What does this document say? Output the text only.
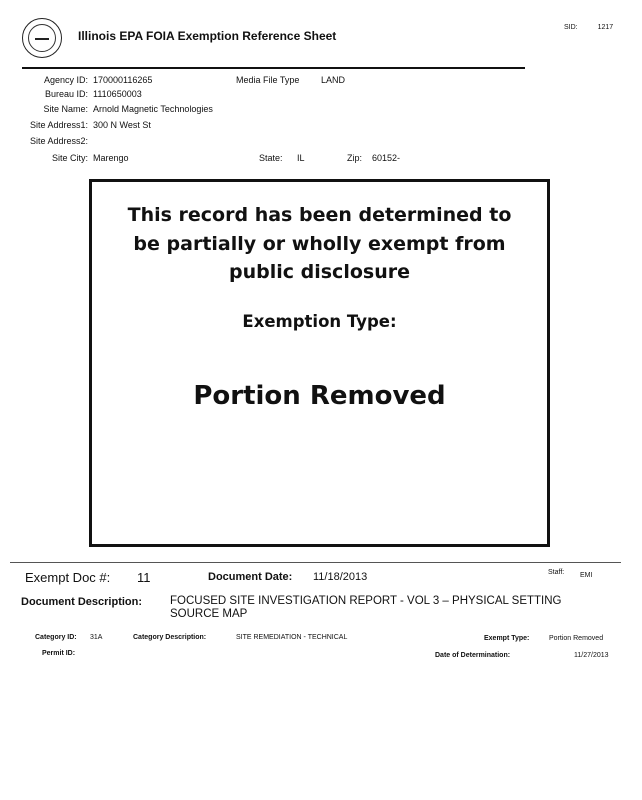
Illinois EPA FOIA Exemption Reference Sheet
SID:	1217
Agency ID: 170000116265	Media File Type LAND
Bureau ID: 1110650003
Site Name: Arnold Magnetic Technologies
Site Address1: 300 N West St
Site Address2:
Site City: Marengo	State: IL	Zip: 60152-
This record has been determined to
be partially or wholly exempt from
public disclosure
Exemption Type:
Portion Removed
Exempt Doc #: 11	Document Date: 11/18/2013	Staff: EMI
Document Description: FOCUSED SITE INVESTIGATION REPORT - VOL 3 – PHYSICAL SETTING
SOURCE MAP
Category ID: 31A	Category Description:	SITE REMEDIATION - TECHNICAL	Exempt Type:	Portion Removed
Permit ID:	Date of Determination:	11/27/2013
